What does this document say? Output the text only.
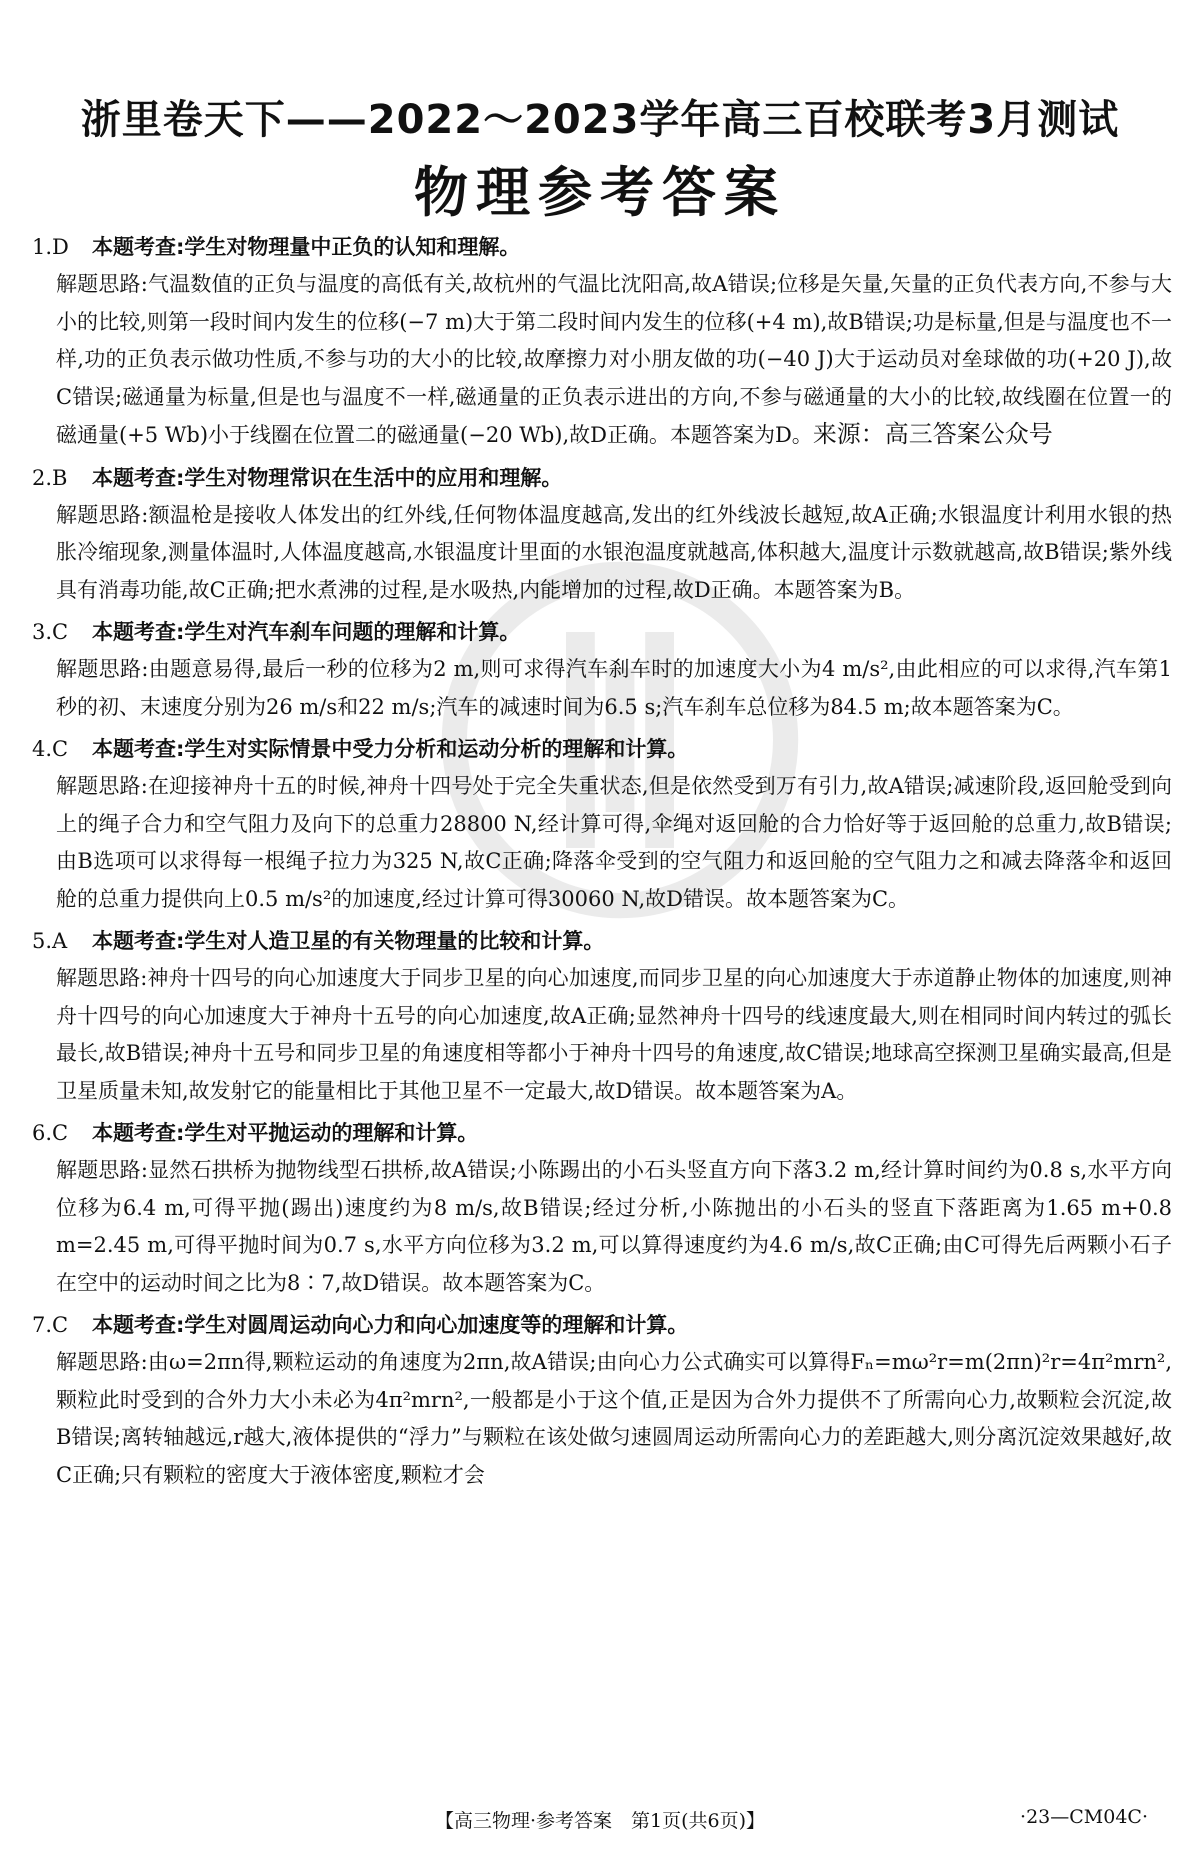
浙里卷天下——2022～2023学年高三百校联考3月测试
物理参考答案
1.D 本题考查:学生对物理量中正负的认知和理解。
解题思路:气温数值的正负与温度的高低有关,故杭州的气温比沈阳高,故A错误;位移是矢量,矢量的正负代表方向,不参与大小的比较,则第一段时间内发生的位移(−7 m)大于第二段时间内发生的位移(+4 m),故B错误;功是标量,但是与温度也不一样,功的正负表示做功性质,不参与功的大小的比较,故摩擦力对小朋友做的功(−40 J)大于运动员对垒球做的功(+20 J),故C错误;磁通量为标量,但是也与温度不一样,磁通量的正负表示进出的方向,不参与磁通量的大小的比较,故线圈在位置一的磁通量(+5 Wb)小于线圈在位置二的磁通量(−20 Wb),故D正确。本题答案为D。来源：高三答案公众号
2.B 本题考查:学生对物理常识在生活中的应用和理解。
解题思路:额温枪是接收人体发出的红外线,任何物体温度越高,发出的红外线波长越短,故A正确;水银温度计利用水银的热胀冷缩现象,测量体温时,人体温度越高,水银温度计里面的水银泡温度就越高,体积越大,温度计示数就越高,故B错误;紫外线具有消毒功能,故C正确;把水煮沸的过程,是水吸热,内能增加的过程,故D正确。本题答案为B。
3.C 本题考查:学生对汽车刹车问题的理解和计算。
解题思路:由题意易得,最后一秒的位移为2 m,则可求得汽车刹车时的加速度大小为4 m/s²,由此相应的可以求得,汽车第1秒的初、末速度分别为26 m/s和22 m/s;汽车的减速时间为6.5 s;汽车刹车总位移为84.5 m;故本题答案为C。
4.C 本题考查:学生对实际情景中受力分析和运动分析的理解和计算。
解题思路:在迎接神舟十五的时候,神舟十四号处于完全失重状态,但是依然受到万有引力,故A错误;减速阶段,返回舱受到向上的绳子合力和空气阻力及向下的总重力28800 N,经计算可得,伞绳对返回舱的合力恰好等于返回舱的总重力,故B错误;由B选项可以求得每一根绳子拉力为325 N,故C正确;降落伞受到的空气阻力和返回舱的空气阻力之和减去降落伞和返回舱的总重力提供向上0.5 m/s²的加速度,经过计算可得30060 N,故D错误。故本题答案为C。
5.A 本题考查:学生对人造卫星的有关物理量的比较和计算。
解题思路:神舟十四号的向心加速度大于同步卫星的向心加速度,而同步卫星的向心加速度大于赤道静止物体的加速度,则神舟十四号的向心加速度大于神舟十五号的向心加速度,故A正确;显然神舟十四号的线速度最大,则在相同时间内转过的弧长最长,故B错误;神舟十五号和同步卫星的角速度相等都小于神舟十四号的角速度,故C错误;地球高空探测卫星确实最高,但是卫星质量未知,故发射它的能量相比于其他卫星不一定最大,故D错误。故本题答案为A。
6.C 本题考查:学生对平抛运动的理解和计算。
解题思路:显然石拱桥为抛物线型石拱桥,故A错误;小陈踢出的小石头竖直方向下落3.2 m,经计算时间约为0.8 s,水平方向位移为6.4 m,可得平抛(踢出)速度约为8 m/s,故B错误;经过分析,小陈抛出的小石头的竖直下落距离为1.65 m+0.8 m=2.45 m,可得平抛时间为0.7 s,水平方向位移为3.2 m,可以算得速度约为4.6 m/s,故C正确;由C可得先后两颗小石子在空中的运动时间之比为8∶7,故D错误。故本题答案为C。
7.C 本题考查:学生对圆周运动向心力和向心加速度等的理解和计算。
解题思路:由ω=2πn得,颗粒运动的角速度为2πn,故A错误;由向心力公式确实可以算得Fₙ=mω²r=m(2πn)²r=4π²mrn²,颗粒此时受到的合外力大小未必为4π²mrn²,一般都是小于这个值,正是因为合外力提供不了所需向心力,故颗粒会沉淀,故B错误;离转轴越远,r越大,液体提供的“浮力”与颗粒在该处做匀速圆周运动所需向心力的差距越大,则分离沉淀效果越好,故C正确;只有颗粒的密度大于液体密度,颗粒才会
【高三物理·参考答案　第1页(共6页)】	·23—CM04C·
